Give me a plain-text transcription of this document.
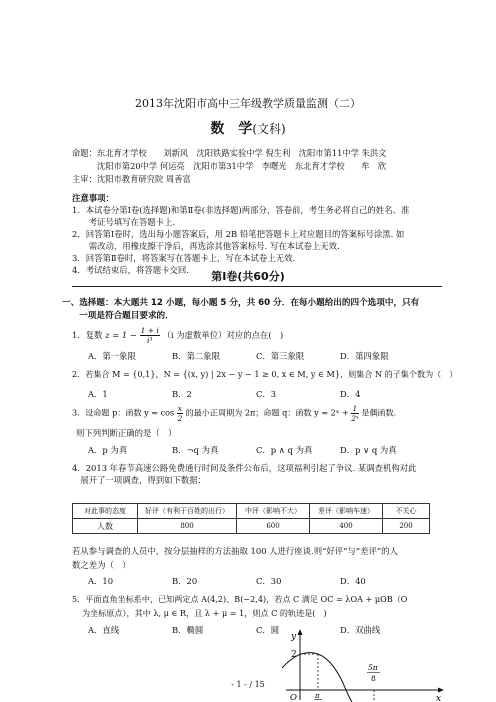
2013年沈阳市高中三年级教学质量监测（二）
数　学(文科)
命题：东北育才学校　　刘新风　沈阳铁路实验中学 倪生利　沈阳市第11中学 朱洪文
　　　沈阳市第20中学 何运亮　沈阳市第31中学　李曙光　东北育才学校　　牟　欣
主审：沈阳市教育研究院 周善富
注意事项：
1．本试卷分第Ⅰ卷(选择题)和第Ⅱ卷(非选择题)两部分，答卷前，考生务必将自己的姓名、准
　　考证号填写在答题卡上.
2．回答第Ⅰ卷时，选出每小题答案后，用 2B 铅笔把答题卡上对应题目的答案标号涂黑. 如
　　需改动，用橡皮擦干净后，再选涂其他答案标号. 写在本试卷上无效.
3．回答第Ⅱ卷时，将答案写在答题卡上，写在本试卷上无效.
4．考试结束后，将答题卡交回.	第Ⅰ卷(共60分)
一、选择题：本大题共 12 小题，每小题 5 分，共 60 分．在每小题给出的四个选项中，只有
　　一项是符合题目要求的．
1．复数 $z = 1 - \frac{1 + i}{\text{i³}} (i$ 为虚数单位）对应的点在(　)
A．第一象限	B．第二象限	C．第三象限	D．第四象限
2．若集合 M = {0,1}，N = {(x, y) | 2x − y − 1 ≥ 0, x ∈ M, y ∈ M}，则集合 N 的子集个数为（　）
A．1	B．2	C．3	D．4
3．设命题 p：函数 $y = \cos \frac{x}{2}$ 的最小正周期为 2π；命题 q：函数 y = 2ˣ + $\frac{1}{\text{2ˣ}}$ 是偶函数.
则下列判断正确的是（　）
A．p 为真	B．¬q 为真	C．p ∧ q 为真	D．p ∨ q 为真
4．2013 年春节高速公路免费通行时间及条件公布后，这项福利引起了争议. 某调查机构对此
　展开了一项调查，得到如下数据：
对此事的态度	好评（有利于百姓的出行）	中评（影响不大）	差评（影响车速）	不关心
人数	800	600	400	200
若从参与调查的人员中，按分层抽样的方法抽取 100 人进行座谈.则“好评”与“差评”的人
数之差为（　）
A．10	B．20	C．30	D．40
5．平面直角坐标系中，已知两定点 A(4,2)、B(−2,4)，若点 C 满足 OC = λOA + μOB（O
为坐标原点），其中 λ, μ ∈ R，且 λ + μ = 1，则点 C 的轨迹是(　)
A．直线	B．椭圆	C．圆	D．双曲线
y
2
x
O	π
5π
8
- 1 - / 15
